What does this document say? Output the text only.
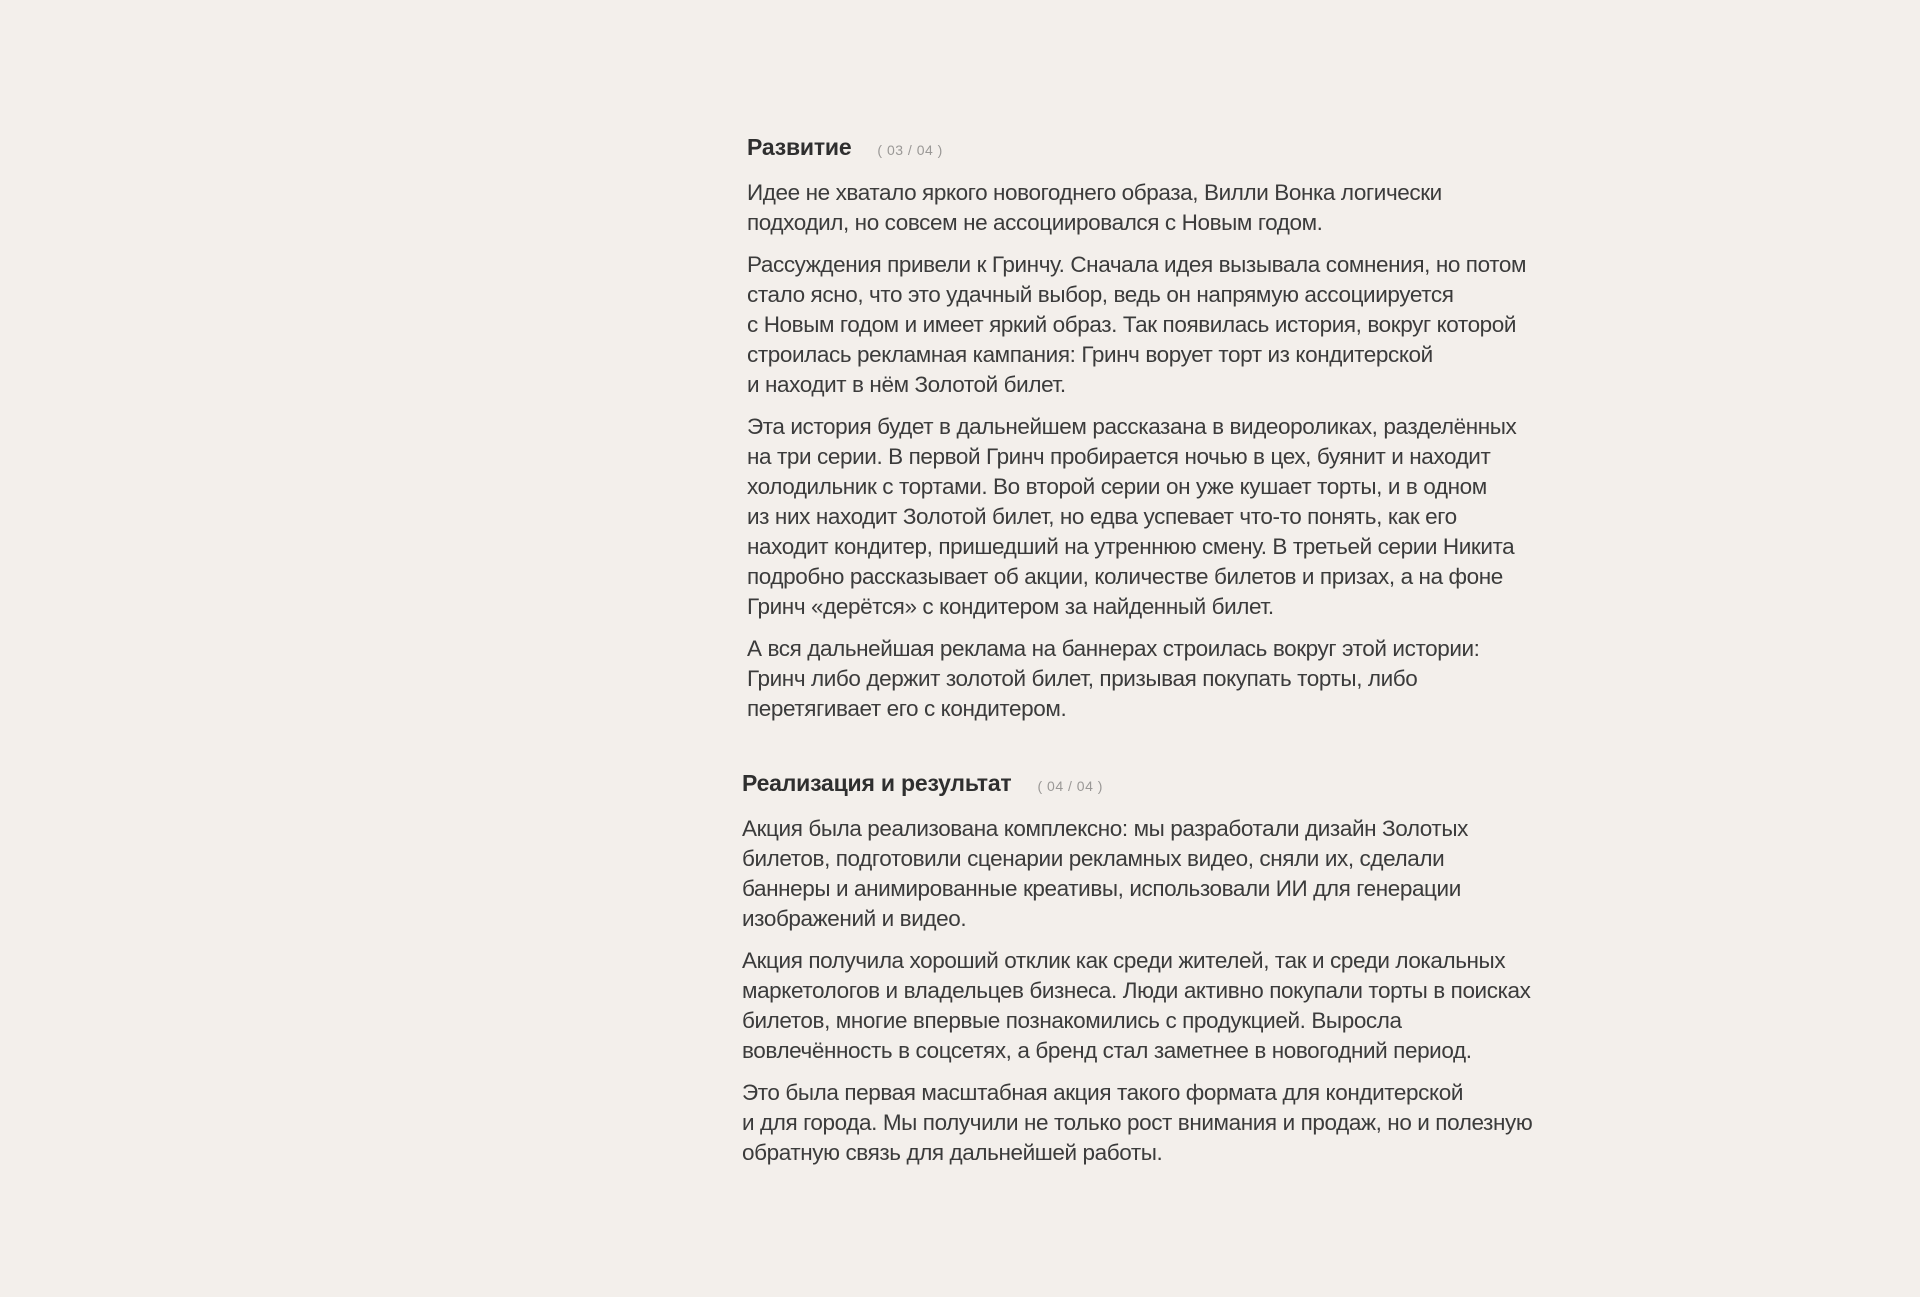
Развитие ( 03 / 04 )

Идее не хватало яркого новогоднего образа, Вилли Вонка логически
подходил, но совсем не ассоциировался с Новым годом.

Рассуждения привели к Гринчу. Сначала идея вызывала сомнения, но потом
стало ясно, что это удачный выбор, ведь он напрямую ассоциируется
с Новым годом и имеет яркий образ. Так появилась история, вокруг которой
строилась рекламная кампания: Гринч ворует торт из кондитерской
и находит в нём Золотой билет.

Эта история будет в дальнейшем рассказана в видеороликах, разделённых
на три серии. В первой Гринч пробирается ночью в цех, буянит и находит
холодильник с тортами. Во второй серии он уже кушает торты, и в одном
из них находит Золотой билет, но едва успевает что-то понять, как его
находит кондитер, пришедший на утреннюю смену. В третьей серии Никита
подробно рассказывает об акции, количестве билетов и призах, а на фоне
Гринч «дерётся» с кондитером за найденный билет.

А вся дальнейшая реклама на баннерах строилась вокруг этой истории:
Гринч либо держит золотой билет, призывая покупать торты, либо
перетягивает его с кондитером.

Реализация и результат ( 04 / 04 )

Акция была реализована комплексно: мы разработали дизайн Золотых
билетов, подготовили сценарии рекламных видео, сняли их, сделали
баннеры и анимированные креативы, использовали ИИ для генерации
изображений и видео.

Акция получила хороший отклик как среди жителей, так и среди локальных
маркетологов и владельцев бизнеса. Люди активно покупали торты в поисках
билетов, многие впервые познакомились с продукцией. Выросла
вовлечённость в соцсетях, а бренд стал заметнее в новогодний период.

Это была первая масштабная акция такого формата для кондитерской
и для города. Мы получили не только рост внимания и продаж, но и полезную
обратную связь для дальнейшей работы.
